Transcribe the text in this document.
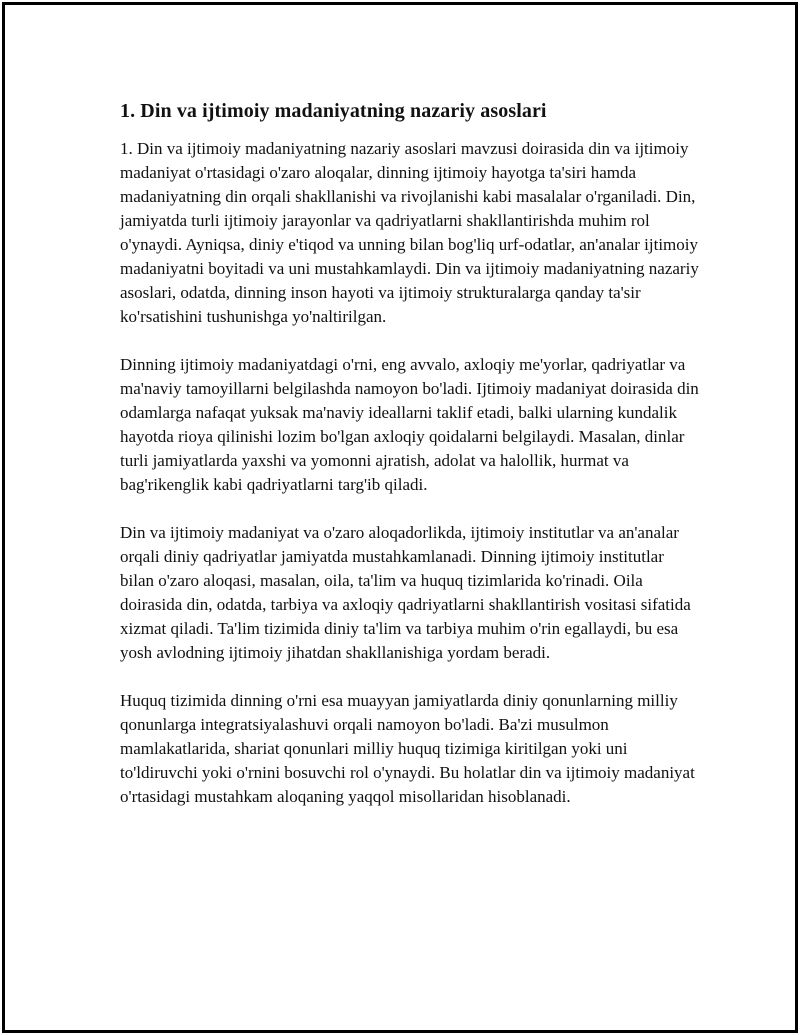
1. Din va ijtimoiy madaniyatning nazariy asoslari

1. Din va ijtimoiy madaniyatning nazariy asoslari mavzusi doirasida din va ijtimoiy madaniyat o'rtasidagi o'zaro aloqalar, dinning ijtimoiy hayotga ta'siri hamda madaniyatning din orqali shakllanishi va rivojlanishi kabi masalalar o'rganiladi. Din, jamiyatda turli ijtimoiy jarayonlar va qadriyatlarni shakllantirishda muhim rol o'ynaydi. Ayniqsa, diniy e'tiqod va unning bilan bog'liq urf-odatlar, an'analar ijtimoiy madaniyatni boyitadi va uni mustahkamlaydi. Din va ijtimoiy madaniyatning nazariy asoslari, odatda, dinning inson hayoti va ijtimoiy strukturalarga qanday ta'sir ko'rsatishini tushunishga yo'naltirilgan.

Dinning ijtimoiy madaniyatdagi o'rni, eng avvalo, axloqiy me'yorlar, qadriyatlar va ma'naviy tamoyillarni belgilashda namoyon bo'ladi. Ijtimoiy madaniyat doirasida din odamlarga nafaqat yuksak ma'naviy ideallarni taklif etadi, balki ularning kundalik hayotda rioya qilinishi lozim bo'lgan axloqiy qoidalarni belgilaydi. Masalan, dinlar turli jamiyatlarda yaxshi va yomonni ajratish, adolat va halollik, hurmat va bag'rikenglik kabi qadriyatlarni targ'ib qiladi.

Din va ijtimoiy madaniyat va o'zaro aloqadorlikda, ijtimoiy institutlar va an'analar orqali diniy qadriyatlar jamiyatda mustahkamlanadi. Dinning ijtimoiy institutlar bilan o'zaro aloqasi, masalan, oila, ta'lim va huquq tizimlarida ko'rinadi. Oila doirasida din, odatda, tarbiya va axloqiy qadriyatlarni shakllantirish vositasi sifatida xizmat qiladi. Ta'lim tizimida diniy ta'lim va tarbiya muhim o'rin egallaydi, bu esa yosh avlodning ijtimoiy jihatdan shakllanishiga yordam beradi.

Huquq tizimida dinning o'rni esa muayyan jamiyatlarda diniy qonunlarning milliy qonunlarga integratsiyalashuvi orqali namoyon bo'ladi. Ba'zi musulmon mamlakatlarida, shariat qonunlari milliy huquq tizimiga kiritilgan yoki uni to'ldiruvchi yoki o'rnini bosuvchi rol o'ynaydi. Bu holatlar din va ijtimoiy madaniyat o'rtasidagi mustahkam aloqaning yaqqol misollaridan hisoblanadi.
